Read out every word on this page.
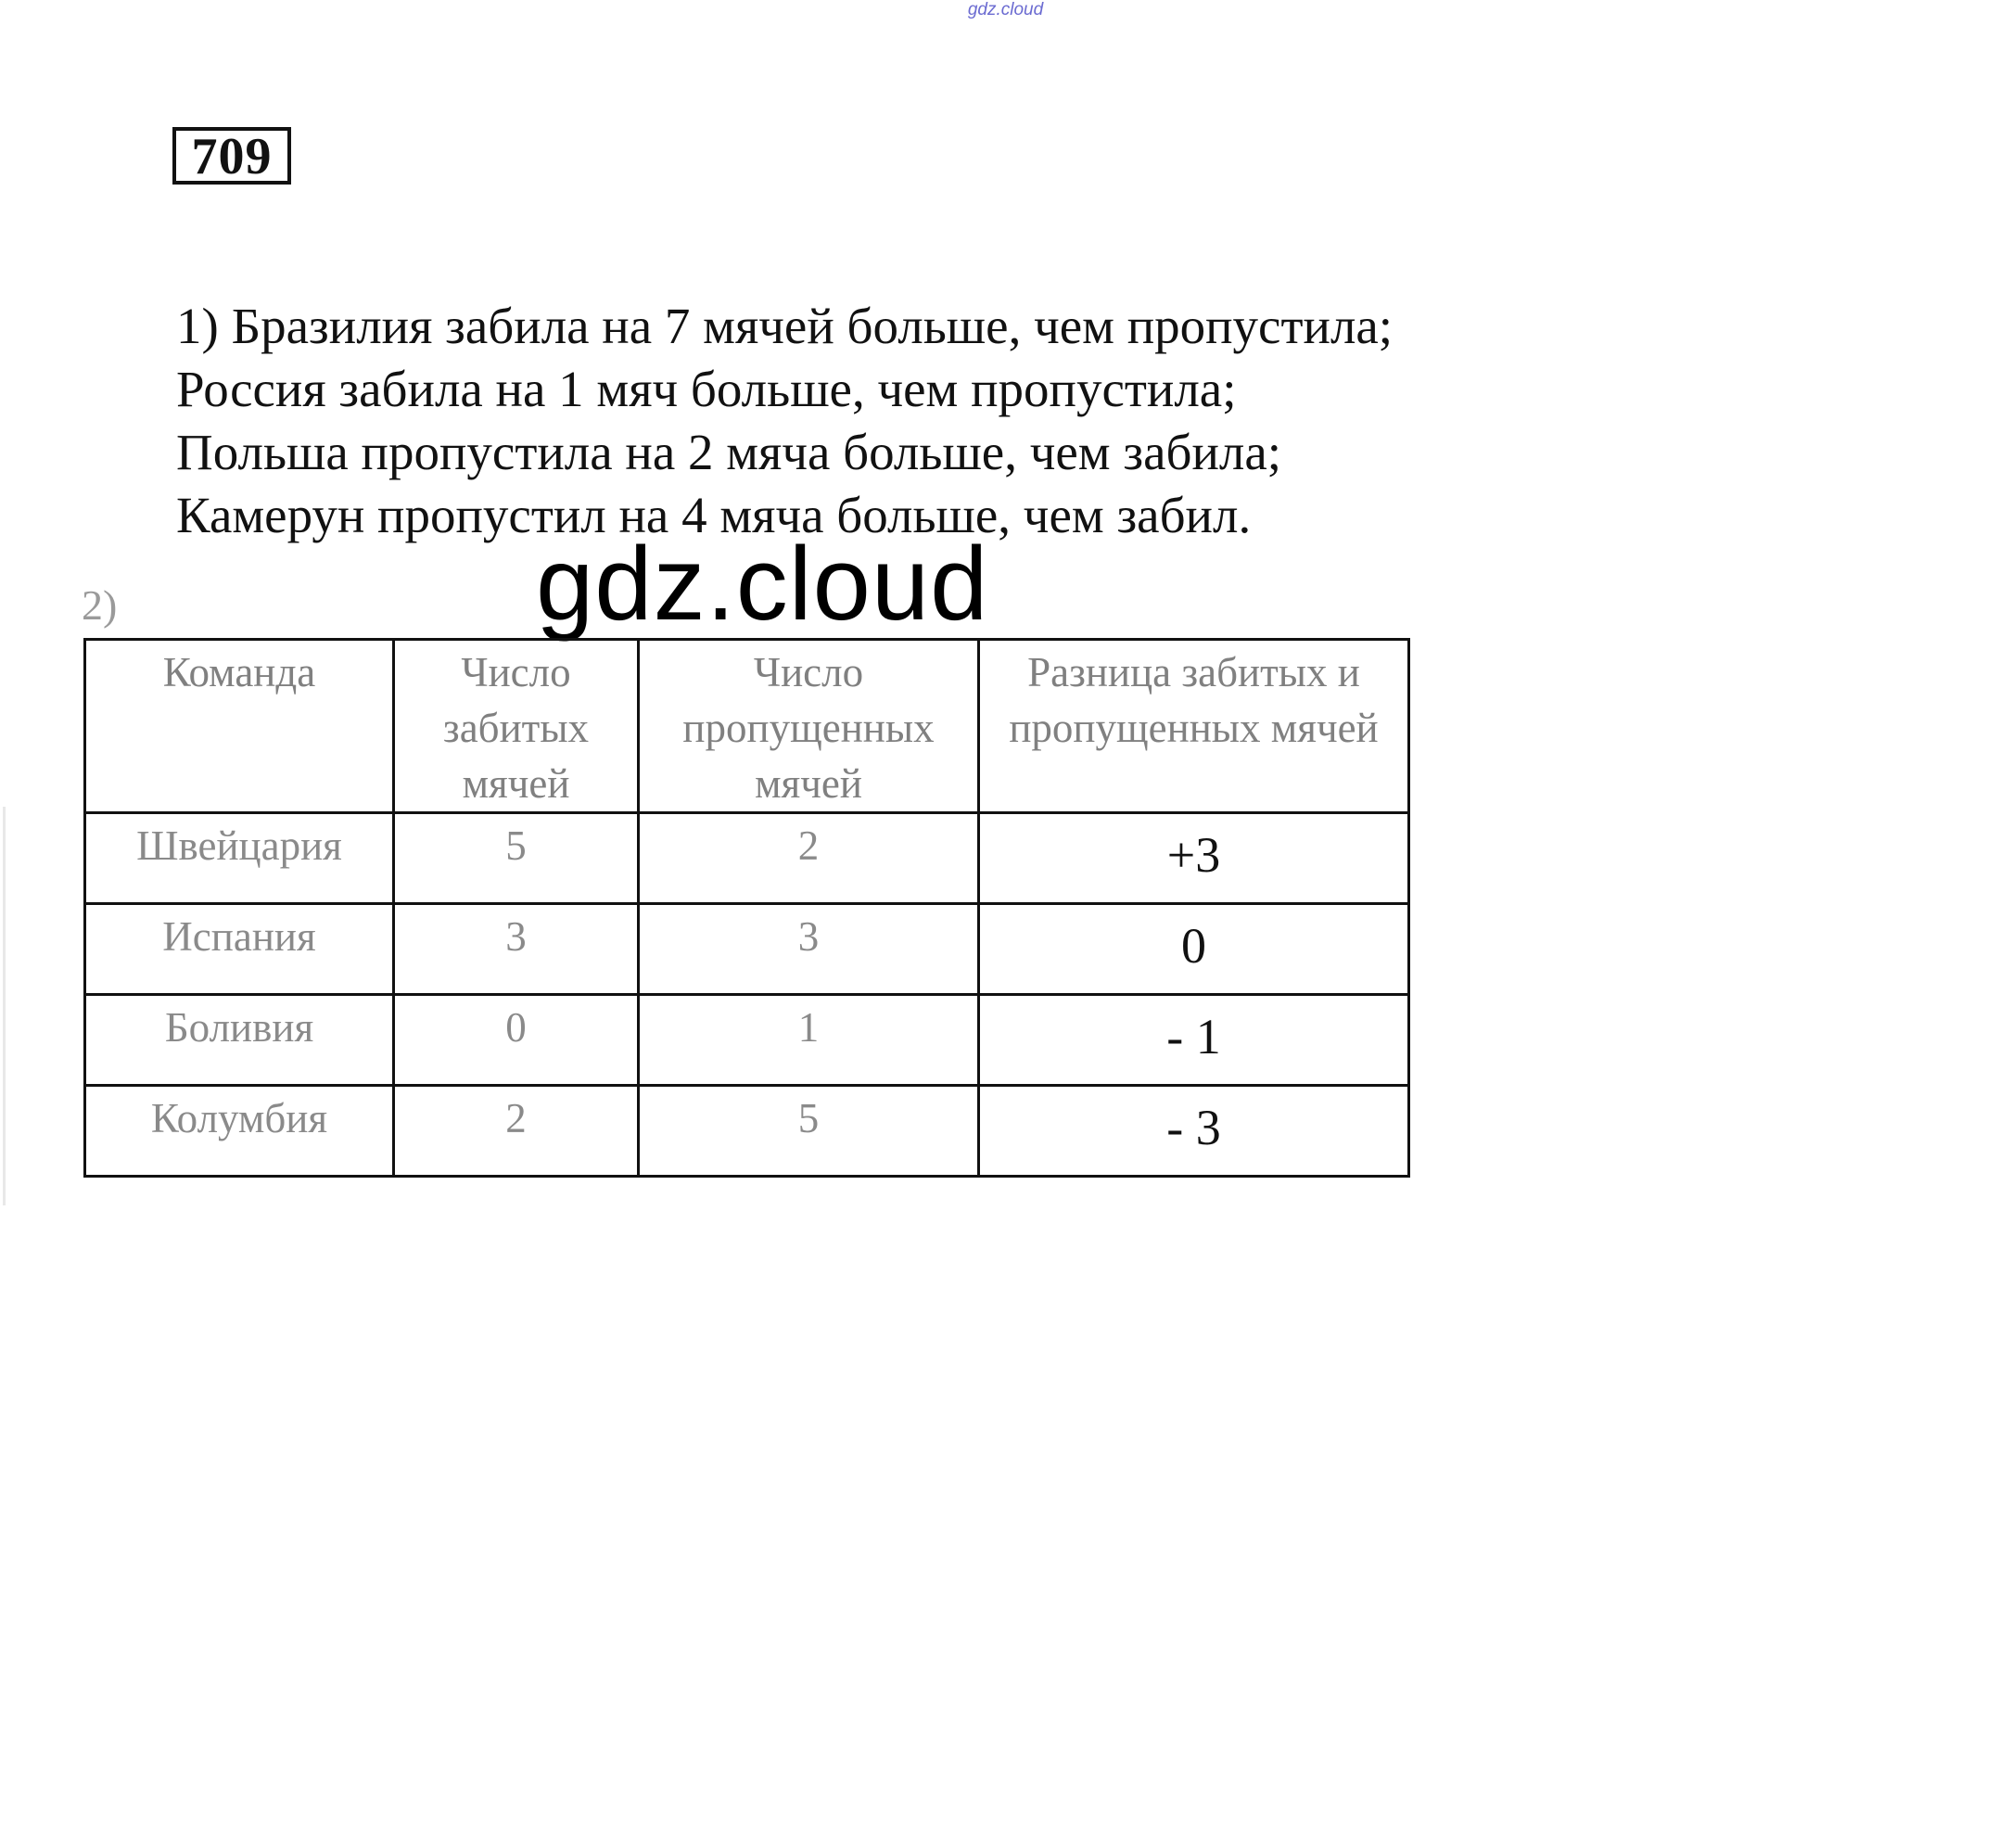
gdz.cloud
709
1) Бразилия забила на 7 мячей больше, чем пропустила;
Россия забила на 1 мяч больше, чем пропустила;
Польша пропустила на 2 мяча больше, чем забила;
Камерун пропустил на 4 мяча больше, чем забил.
2)	gdz.cloud
Команда	Число забитых мячей	Число пропущенных мячей	Разница забитых и пропущенных мячей
Швейцария	5	2	+3
Испания	3	3	0
Боливия	0	1	- 1
Колумбия	2	5	- 3
